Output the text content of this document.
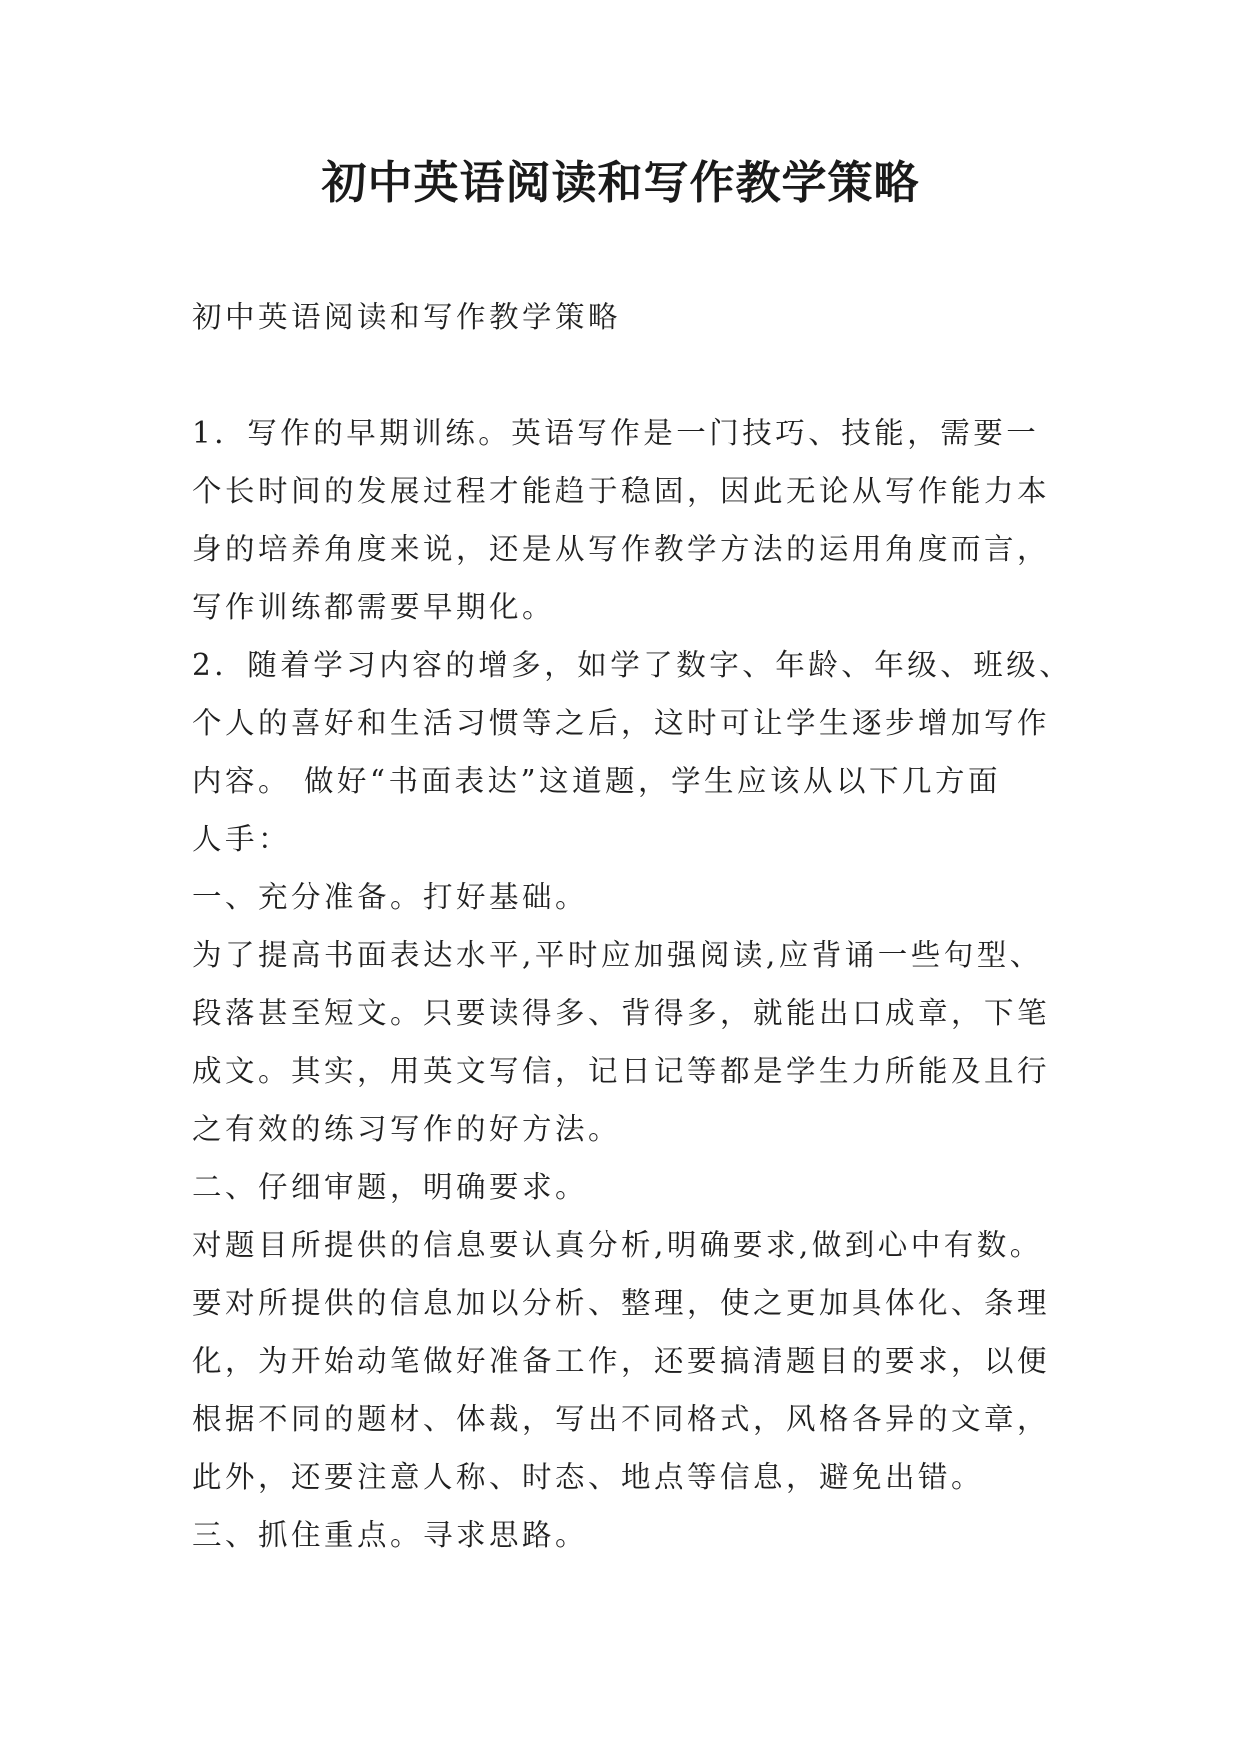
初中英语阅读和写作教学策略
初中英语阅读和写作教学策略
1．写作的早期训练。英语写作是一门技巧、技能，需要一
个长时间的发展过程才能趋于稳固，因此无论从写作能力本
身的培养角度来说，还是从写作教学方法的运用角度而言，
写作训练都需要早期化。
2．随着学习内容的增多，如学了数字、年龄、年级、班级、
个人的喜好和生活习惯等之后，这时可让学生逐步增加写作
内容。 做好“书面表达”这道题，学生应该从以下几方面
人手：
一、充分准备。打好基础。
为了提高书面表达水平,平时应加强阅读,应背诵一些句型、
段落甚至短文。只要读得多、背得多，就能出口成章，下笔
成文。其实，用英文写信，记日记等都是学生力所能及且行
之有效的练习写作的好方法。
二、仔细审题，明确要求。
对题目所提供的信息要认真分析,明确要求,做到心中有数。
要对所提供的信息加以分析、整理，使之更加具体化、条理
化，为开始动笔做好准备工作，还要搞清题目的要求，以便
根据不同的题材、体裁，写出不同格式，风格各异的文章，
此外，还要注意人称、时态、地点等信息，避免出错。
三、抓住重点。寻求思路。
